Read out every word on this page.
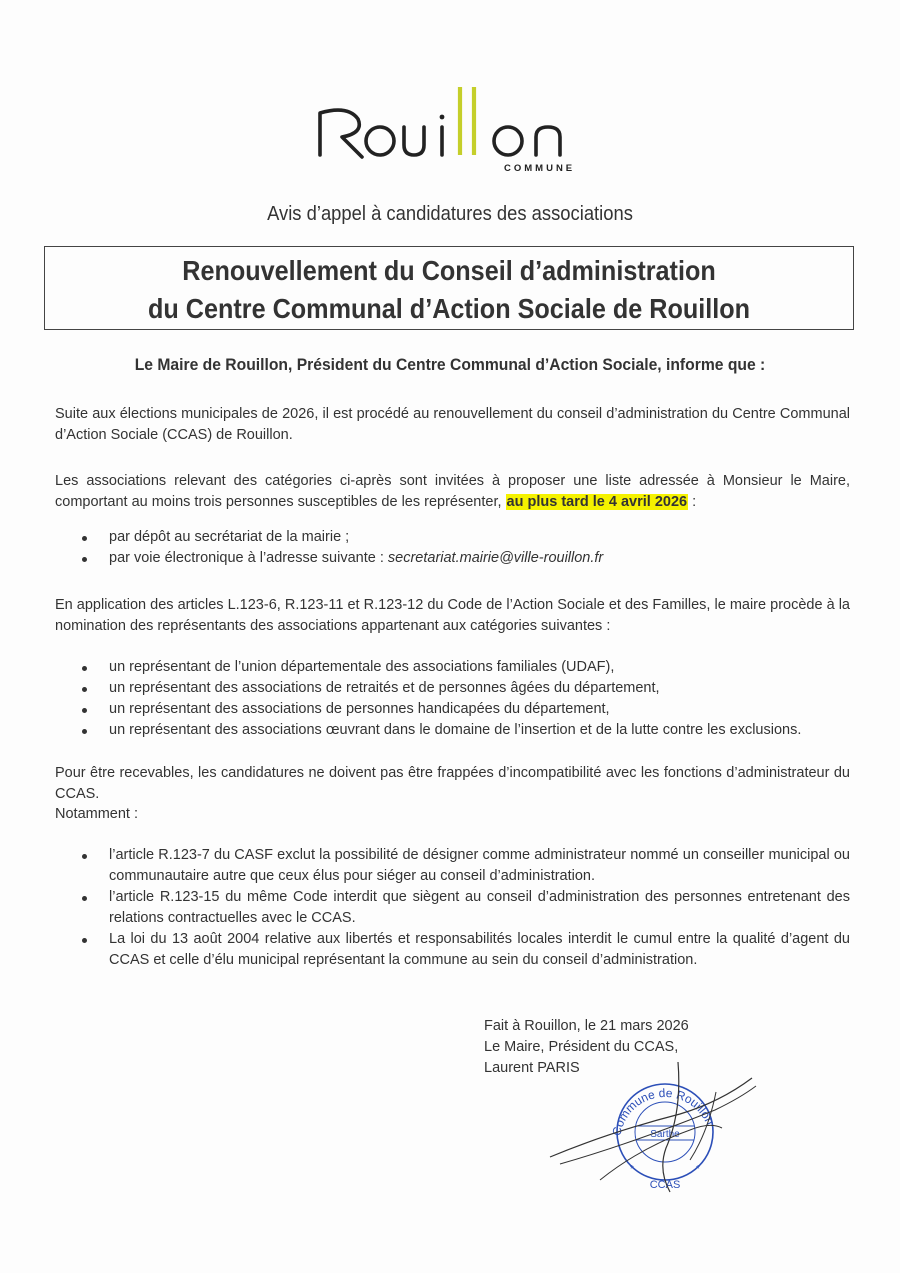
COMMUNE
Avis d’appel à candidatures des associations
Renouvellement du Conseil d’administration
du Centre Communal d’Action Sociale de Rouillon
Le Maire de Rouillon, Président du Centre Communal d’Action Sociale, informe que :
Suite aux élections municipales de 2026, il est procédé au renouvellement du conseil d’administration du Centre Communal d’Action Sociale (CCAS) de Rouillon.
Les associations relevant des catégories ci-après sont invitées à proposer une liste adressée à Monsieur le Maire, comportant au moins trois personnes susceptibles de les représenter, au plus tard le 4 avril 2026 :
par dépôt au secrétariat de la mairie ;
par voie électronique à l’adresse suivante : secretariat.mairie@ville-rouillon.fr
En application des articles L.123-6, R.123-11 et R.123-12 du Code de l’Action Sociale et des Familles, le maire procède à la nomination des représentants des associations appartenant aux catégories suivantes :
un représentant de l’union départementale des associations familiales (UDAF),
un représentant des associations de retraités et de personnes âgées du département,
un représentant des associations de personnes handicapées du département,
un représentant des associations œuvrant dans le domaine de l’insertion et de la lutte contre les exclusions.
Pour être recevables, les candidatures ne doivent pas être frappées d’incompatibilité avec les fonctions d’administrateur du CCAS.
Notamment :
l’article R.123-7 du CASF exclut la possibilité de désigner comme administrateur nommé un conseiller municipal ou communautaire autre que ceux élus pour siéger au conseil d’administration.
l’article R.123-15 du même Code interdit que siègent au conseil d’administration des personnes entretenant des relations contractuelles avec le CCAS.
La loi du 13 août 2004 relative aux libertés et responsabilités locales interdit le cumul entre la qualité d’agent du CCAS et celle d’élu municipal représentant la commune au sein du conseil d’administration.
Fait à Rouillon, le 21 mars 2026
Le Maire, Président du CCAS,
Laurent PARIS
Commune de Rouillon
Sarthe
CCAS
*	*
